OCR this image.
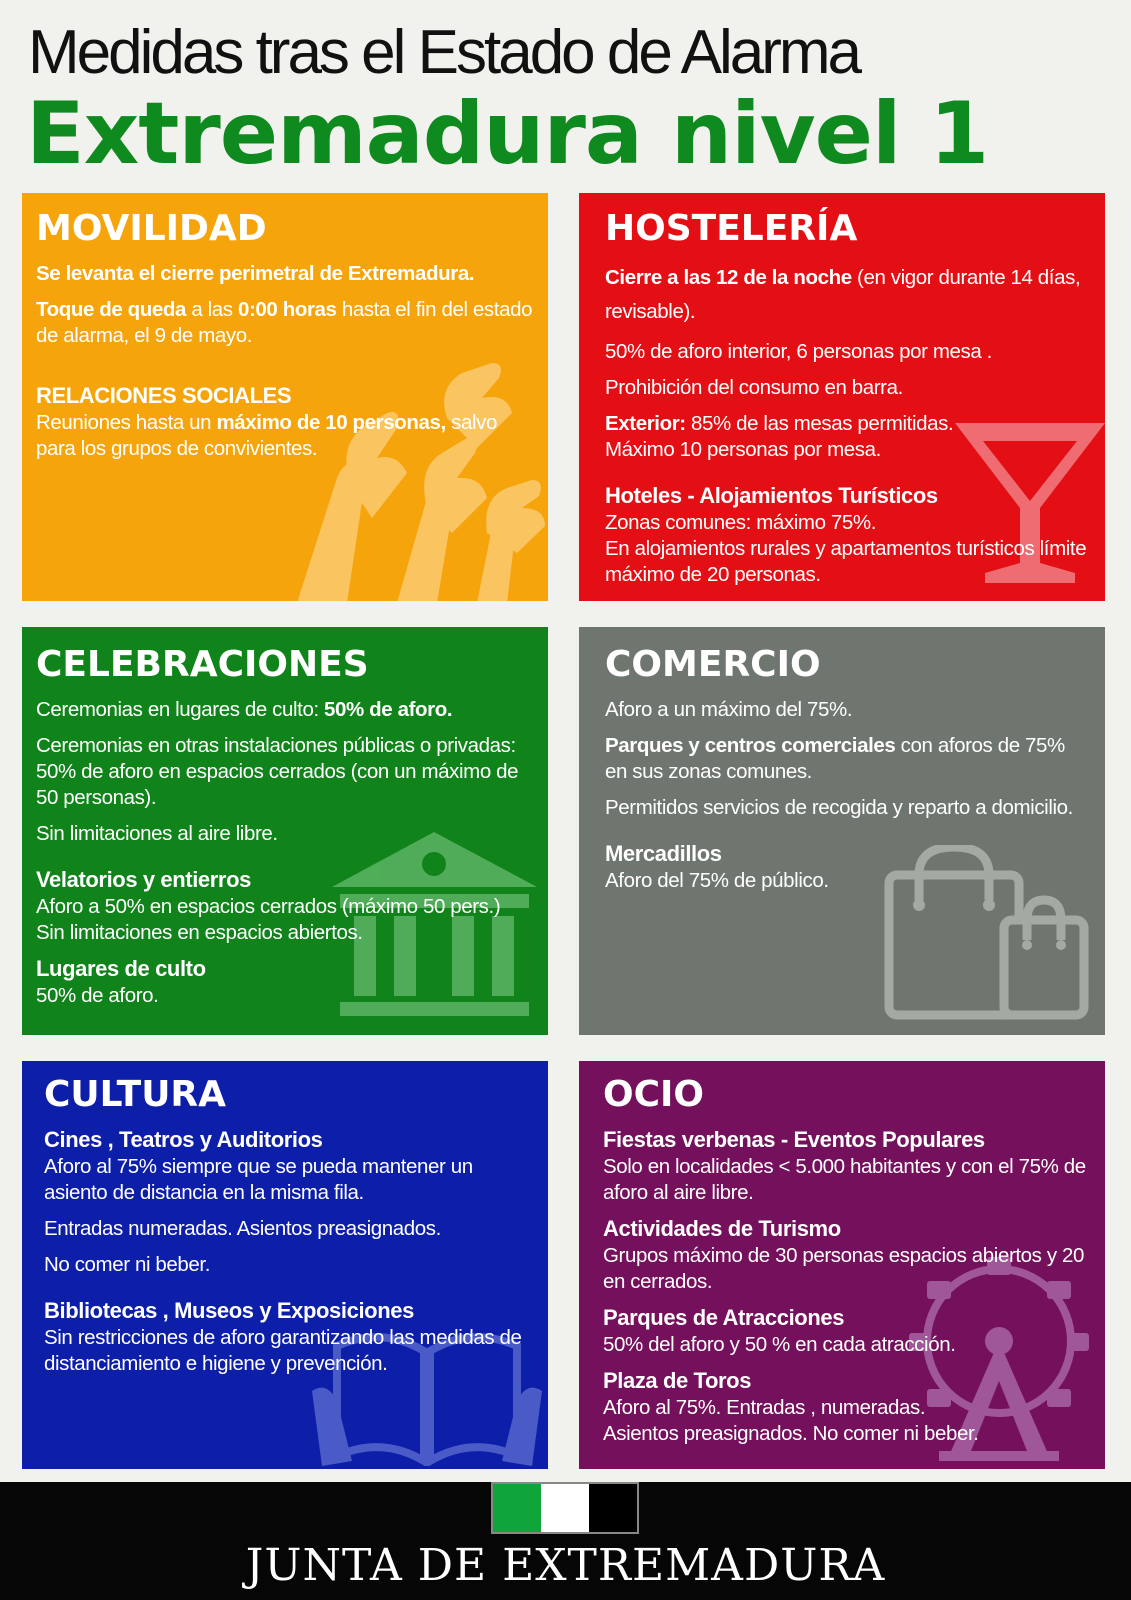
Medidas tras el Estado de Alarma
Extremadura nivel 1
MOVILIDAD

Se levanta el cierre perimetral de Extremadura.

Toque de queda a las 0:00 horas hasta el fin del estado de alarma, el 9 de mayo.

RELACIONES SOCIALES

Reuniones hasta un máximo de 10 personas, salvo para los grupos de convivientes.

HOSTELERÍA

Cierre a las 12 de la noche (en vigor durante 14 días, revisable).

50% de aforo interior, 6 personas por mesa .

Prohibición del consumo en barra.

Exterior: 85% de las mesas permitidas.

Máximo 10 personas por mesa.

Hoteles - Alojamientos Turísticos

Zonas comunes: máximo 75%.

En alojamientos rurales y apartamentos turísticos límite máximo de 20 personas.

CELEBRACIONES

Ceremonias en lugares de culto: 50% de aforo.

Ceremonias en otras instalaciones públicas o privadas: 50% de aforo en espacios cerrados (con un máximo de 50 personas).

Sin limitaciones al aire libre.

Velatorios y entierros

Aforo a 50% en espacios cerrados (máximo 50 pers.)

Sin limitaciones en espacios abiertos.

Lugares de culto

50% de aforo.

COMERCIO

Aforo a un máximo del 75%.

Parques y centros comerciales con aforos de 75% en sus zonas comunes.

Permitidos servicios de recogida y reparto a domicilio.

Mercadillos

Aforo del 75% de público.

CULTURA

Cines , Teatros y Auditorios

Aforo al 75% siempre que se pueda mantener un asiento de distancia en la misma fila.

Entradas numeradas. Asientos preasignados.

No comer ni beber.

Bibliotecas , Museos y Exposiciones

Sin restricciones de aforo garantizando las medidas de distanciamiento e higiene y prevención.

OCIO

Fiestas verbenas - Eventos Populares

Solo en localidades < 5.000 habitantes y con el 75% de aforo al aire libre.

Actividades de Turismo

Grupos máximo de 30 personas espacios abiertos y 20 en cerrados.

Parques de Atracciones

50% del aforo y 50 % en cada atracción.

Plaza de Toros

Aforo al 75%. Entradas , numeradas.

Asientos preasignados. No comer ni beber.

JUNTA DE EXTREMADURA
